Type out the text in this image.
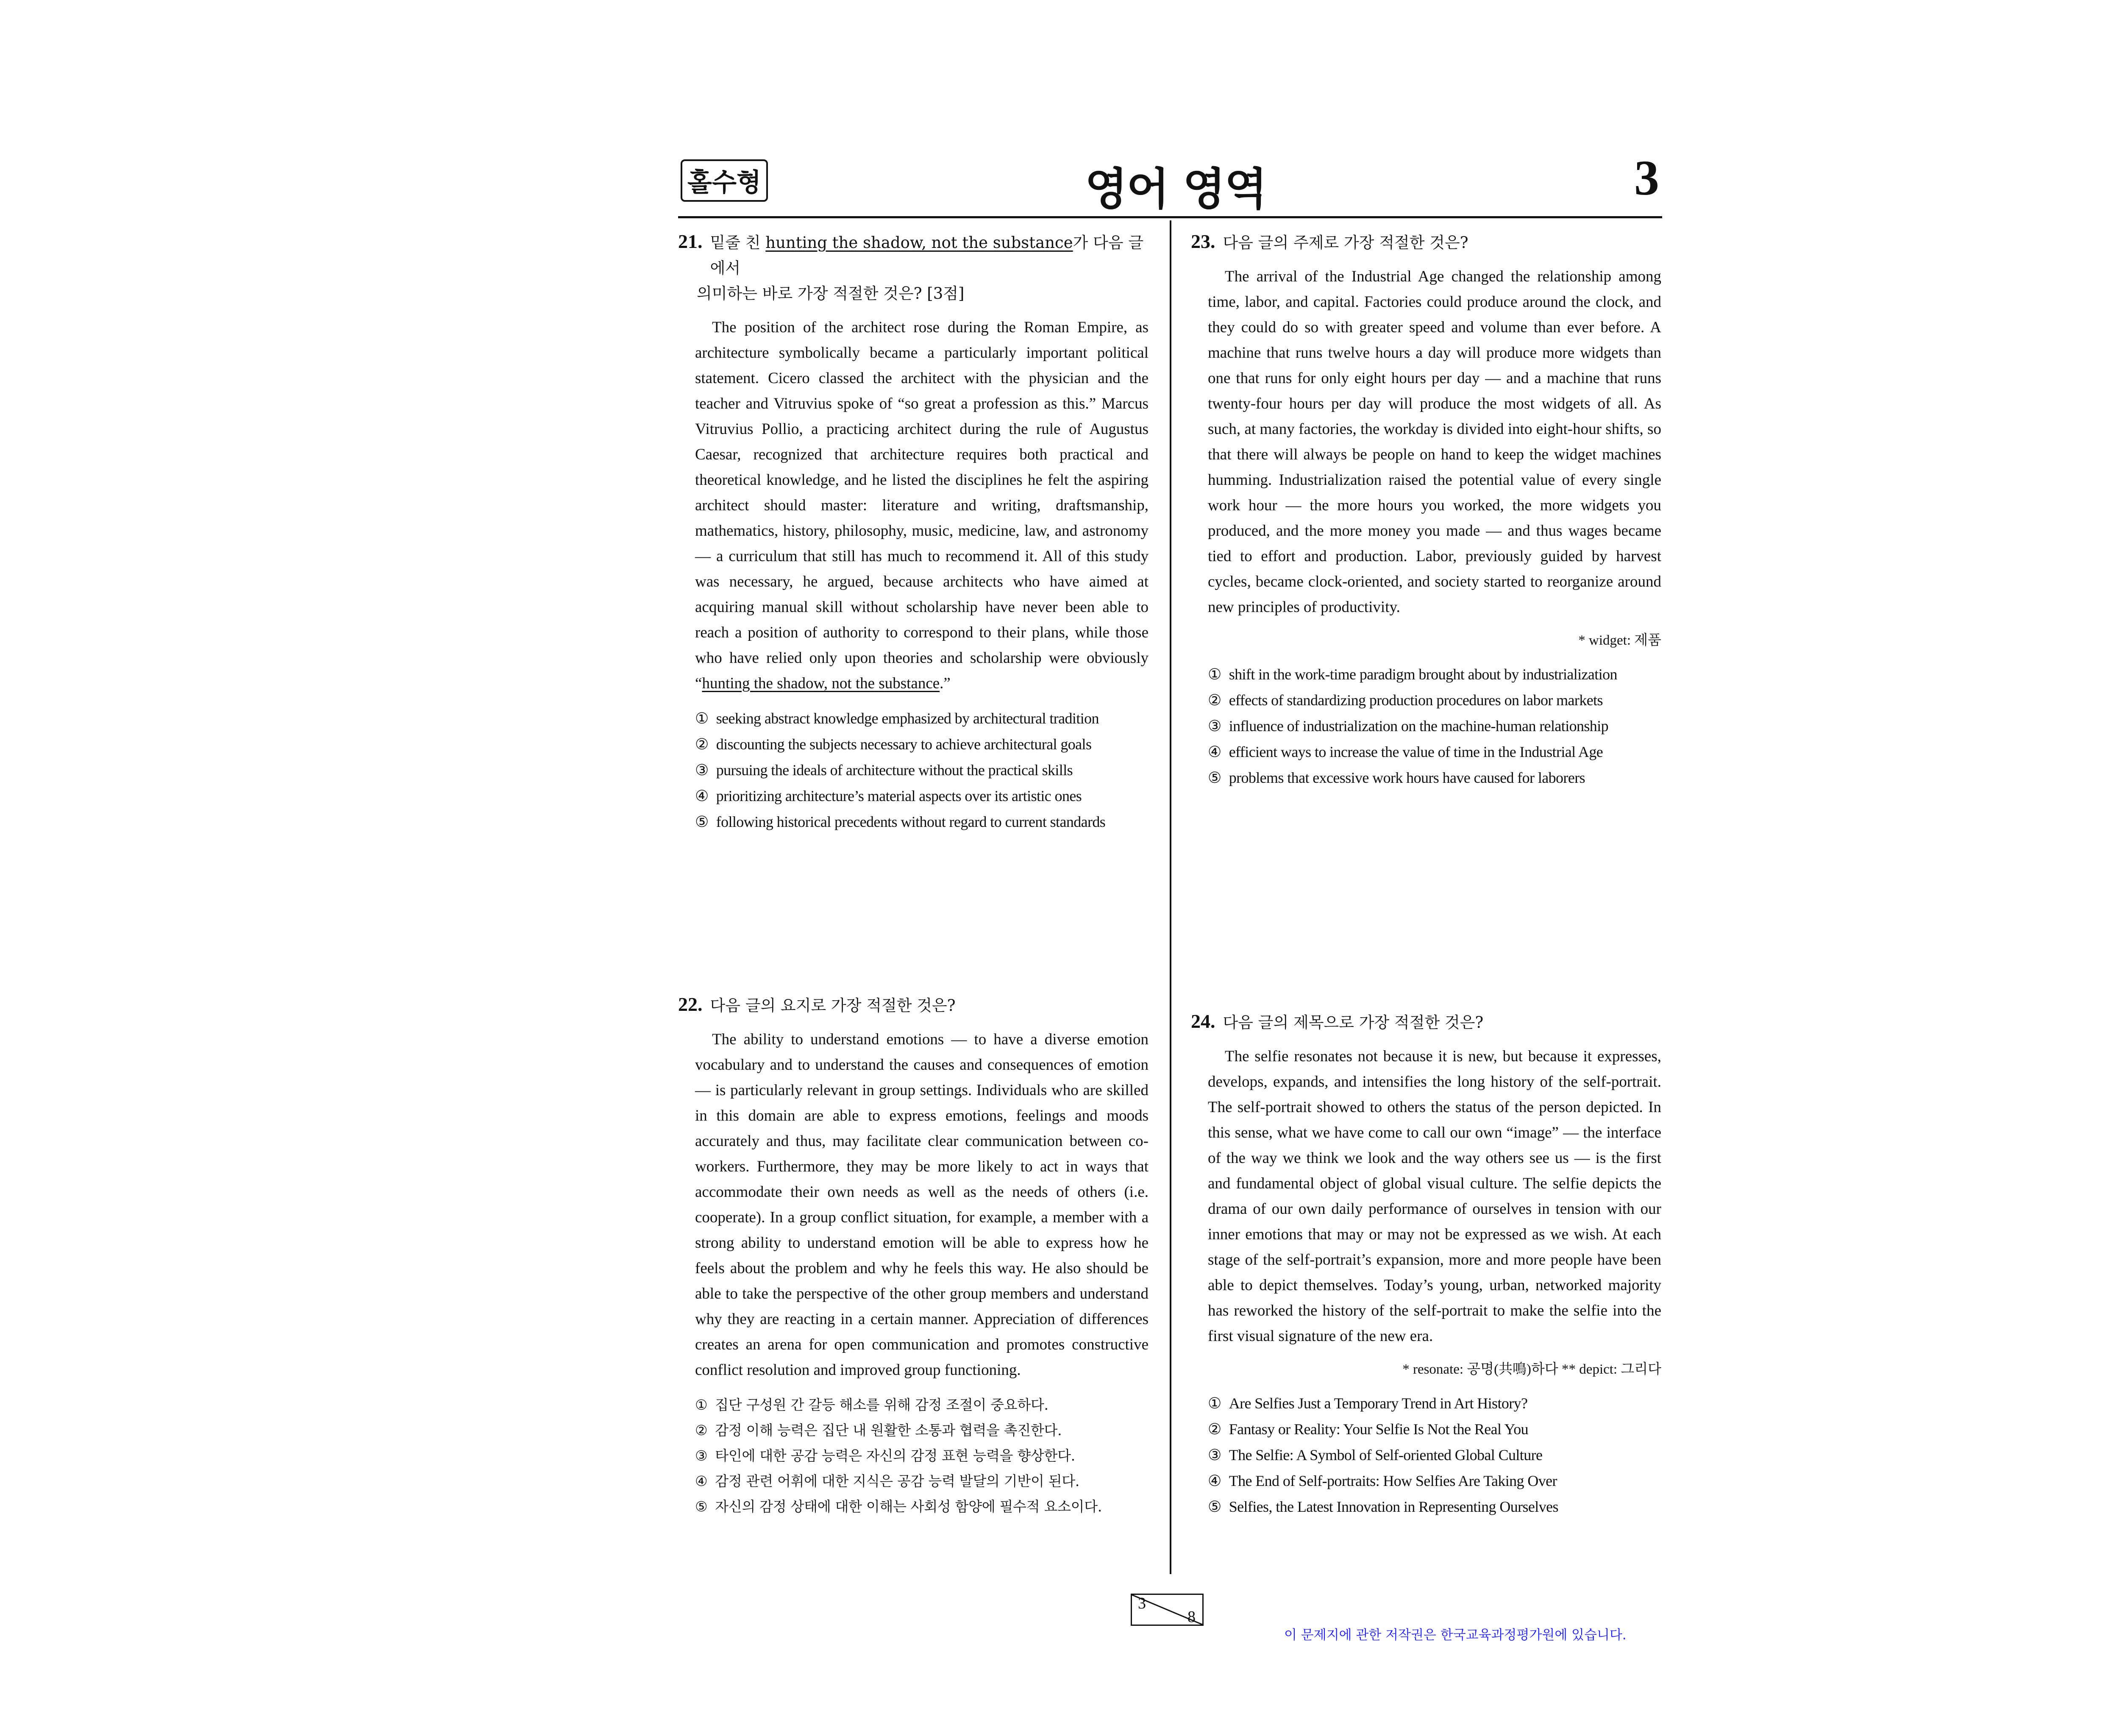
홀수형	영어 영역	3
21. 밑줄 친 hunting the shadow, not the substance가 다음 글에서
의미하는 바로 가장 적절한 것은? [3점]
The position of the architect rose during the Roman Empire, as architecture symbolically became a particularly important political statement. Cicero classed the architect with the physician and the teacher and Vitruvius spoke of “so great a profession as this.” Marcus Vitruvius Pollio, a practicing architect during the rule of Augustus Caesar, recognized that architecture requires both practical and theoretical knowledge, and he listed the disciplines he felt the aspiring architect should master: literature and writing, draftsmanship, mathematics, history, philosophy, music, medicine, law, and astronomy — a curriculum that still has much to recommend it. All of this study was necessary, he argued, because architects who have aimed at acquiring manual skill without scholarship have never been able to reach a position of authority to correspond to their plans, while those who have relied only upon theories and scholarship were obviously “hunting the shadow, not the substance.”
① seeking abstract knowledge emphasized by architectural tradition
② discounting the subjects necessary to achieve architectural goals
③ pursuing the ideals of architecture without the practical skills
④ prioritizing architecture’s material aspects over its artistic ones
⑤ following historical precedents without regard to current standards
22. 다음 글의 요지로 가장 적절한 것은?
The ability to understand emotions — to have a diverse emotion vocabulary and to understand the causes and consequences of emotion — is particularly relevant in group settings. Individuals who are skilled in this domain are able to express emotions, feelings and moods accurately and thus, may facilitate clear communication between co-workers. Furthermore, they may be more likely to act in ways that accommodate their own needs as well as the needs of others (i.e. cooperate). In a group conflict situation, for example, a member with a strong ability to understand emotion will be able to express how he feels about the problem and why he feels this way. He also should be able to take the perspective of the other group members and understand why they are reacting in a certain manner. Appreciation of differences creates an arena for open communication and promotes constructive conflict resolution and improved group functioning.
① 집단 구성원 간 갈등 해소를 위해 감정 조절이 중요하다.
② 감정 이해 능력은 집단 내 원활한 소통과 협력을 촉진한다.
③ 타인에 대한 공감 능력은 자신의 감정 표현 능력을 향상한다.
④ 감정 관련 어휘에 대한 지식은 공감 능력 발달의 기반이 된다.
⑤ 자신의 감정 상태에 대한 이해는 사회성 함양에 필수적 요소이다.
23. 다음 글의 주제로 가장 적절한 것은?
The arrival of the Industrial Age changed the relationship among time, labor, and capital. Factories could produce around the clock, and they could do so with greater speed and volume than ever before. A machine that runs twelve hours a day will produce more widgets than one that runs for only eight hours per day — and a machine that runs twenty-four hours per day will produce the most widgets of all. As such, at many factories, the workday is divided into eight-hour shifts, so that there will always be people on hand to keep the widget machines humming. Industrialization raised the potential value of every single work hour — the more hours you worked, the more widgets you produced, and the more money you made — and thus wages became tied to effort and production. Labor, previously guided by harvest cycles, became clock-oriented, and society started to reorganize around new principles of productivity.
* widget: 제품
① shift in the work-time paradigm brought about by industrialization
② effects of standardizing production procedures on labor markets
③ influence of industrialization on the machine-human relationship
④ efficient ways to increase the value of time in the Industrial Age
⑤ problems that excessive work hours have caused for laborers
24. 다음 글의 제목으로 가장 적절한 것은?
The selfie resonates not because it is new, but because it expresses, develops, expands, and intensifies the long history of the self-portrait. The self-portrait showed to others the status of the person depicted. In this sense, what we have come to call our own “image” — the interface of the way we think we look and the way others see us — is the first and fundamental object of global visual culture. The selfie depicts the drama of our own daily performance of ourselves in tension with our inner emotions that may or may not be expressed as we wish. At each stage of the self-portrait’s expansion, more and more people have been able to depict themselves. Today’s young, urban, networked majority has reworked the history of the self-portrait to make the selfie into the first visual signature of the new era.
* resonate: 공명(共鳴)하다 ** depict: 그리다
① Are Selfies Just a Temporary Trend in Art History?
② Fantasy or Reality: Your Selfie Is Not the Real You
③ The Selfie: A Symbol of Self-oriented Global Culture
④ The End of Self-portraits: How Selfies Are Taking Over
⑤ Selfies, the Latest Innovation in Representing Ourselves
3
8
이 문제지에 관한 저작권은 한국교육과정평가원에 있습니다.
